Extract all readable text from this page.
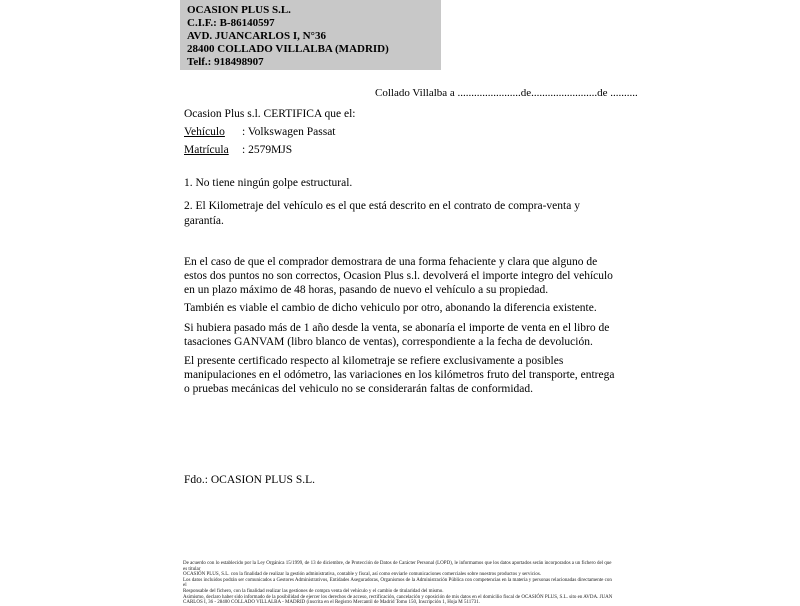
OCASION PLUS S.L.
C.I.F.: B-86140597
AVD. JUANCARLOS I, N°36
28400 COLLADO VILLALBA (MADRID)
Telf.: 918498907
Collado Villalba a .......................de........................de ..........

Ocasion Plus s.l. CERTIFICA que el:

Vehículo : Volkswagen Passat

Matrícula : 2579MJS

1. No tiene ningún golpe estructural.

2. El Kilometraje del vehículo es el que está descrito en el contrato de compra-venta y garantía.

En el caso de que el comprador demostrara de una forma fehaciente y clara que alguno de estos dos puntos no son correctos, Ocasion Plus s.l. devolverá el importe integro del vehículo en un plazo máximo de 48 horas, pasando de nuevo el vehículo a su propiedad.

También es viable el cambio de dicho vehiculo por otro, abonando la diferencia existente.

Si hubiera pasado más de 1 año desde la venta, se abonaría el importe de venta en el libro de tasaciones GANVAM (libro blanco de ventas), correspondiente a la fecha de devolución.

El presente certificado respecto al kilometraje se refiere exclusivamente a posibles manipulaciones en el odómetro, las variaciones en los kilómetros fruto del transporte, entrega o pruebas mecánicas del vehiculo no se considerarán faltas de conformidad.

Fdo.: OCASION PLUS S.L.
De acuerdo con lo establecido por la Ley Orgánica 15/1999, de 13 de diciembre, de Protección de Datos de Carácter Personal (LOPD), le informamos que los datos aportados serán incorporados a un fichero del que es titular
OCASIÓN PLUS, S.L. con la finalidad de realizar la gestión administrativa, contable y fiscal, así como enviarle comunicaciones comerciales sobre nuestros productos y servicios.
Los datos incluidos podrán ser comunicados a Gestores Administrativos, Entidades Aseguradoras, Organismos de la Administración Pública con competencias en la materia y personas relacionadas directamente con el
Responsable del fichero, con la finalidad realizar las gestiones de compra venta del vehículo y el cambio de titularidad del mismo.
Asimismo, declaro haber sido informado de la posibilidad de ejercer los derechos de acceso, rectificación, cancelación y oposición de mis datos en el domicilio fiscal de OCASIÓN PLUS, S.L. sito en AVDA. JUAN
CARLOS I, 36 - 28400 COLLADO VILLALBA - MADRID (inscrita en el Registro Mercantil de Madrid Tomo 150, Inscripción 1, Hoja M 511731.
